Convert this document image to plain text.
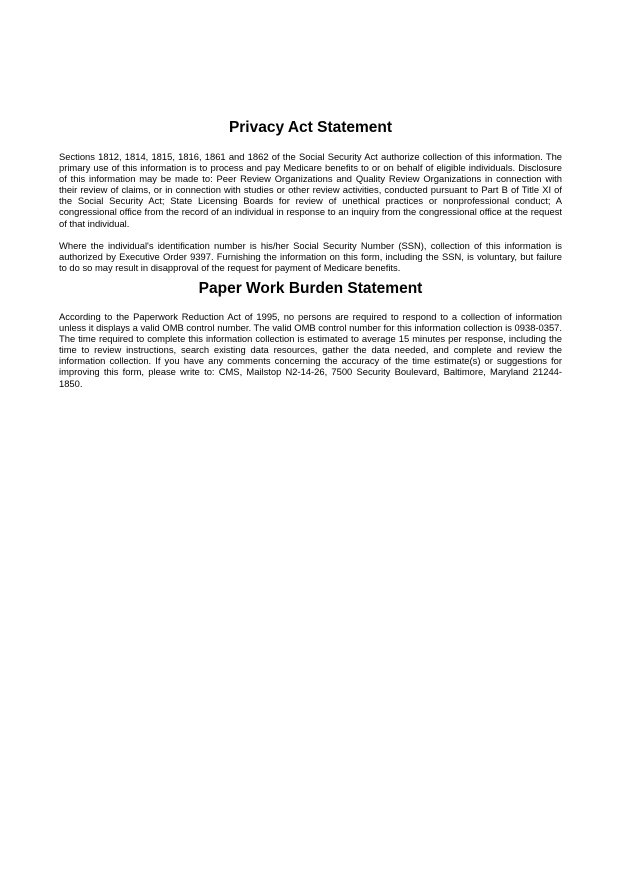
Privacy Act Statement

Sections 1812, 1814, 1815, 1816, 1861 and 1862 of the Social Security Act authorize collection of this information. The primary use of this information is to process and pay Medicare benefits to or on behalf of eligible individuals. Disclosure of this information may be made to: Peer Review Organizations and Quality Review Organizations in connection with their review of claims, or in connection with studies or other review activities, conducted pursuant to Part B of Title XI of the Social Security Act; State Licensing Boards for review of unethical practices or nonprofessional conduct; A congressional office from the record of an individual in response to an inquiry from the congressional office at the request of that individual.

Where the individual's identification number is his/her Social Security Number (SSN), collection of this information is authorized by Executive Order 9397. Furnishing the information on this form, including the SSN, is voluntary, but failure to do so may result in disapproval of the request for payment of Medicare benefits.

Paper Work Burden Statement

According to the Paperwork Reduction Act of 1995, no persons are required to respond to a collection of information unless it displays a valid OMB control number. The valid OMB control number for this information collection is 0938-0357. The time required to complete this information collection is estimated to average 15 minutes per response, including the time to review instructions, search existing data resources, gather the data needed, and complete and review the information collection. If you have any comments concerning the accuracy of the time estimate(s) or suggestions for improving this form, please write to: CMS, Mailstop N2-14-26, 7500 Security Boulevard, Baltimore, Maryland 21244-1850.
